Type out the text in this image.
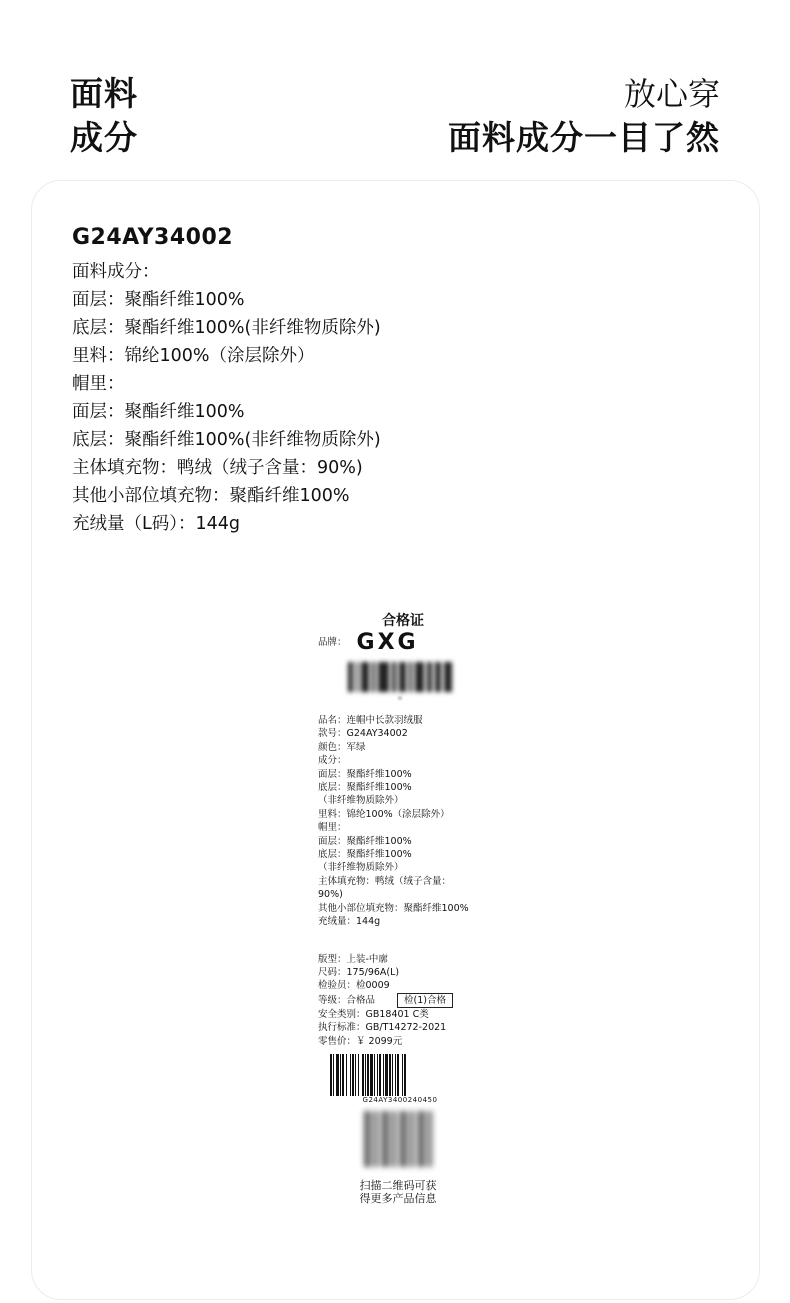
面料
成分
放心穿
面料成分一目了然
G24AY34002
面料成分：
面层：聚酯纤维100%
底层：聚酯纤维100%(非纤维物质除外)
里料：锦纶100%（涂层除外）
帽里：
面层：聚酯纤维100%
底层：聚酯纤维100%(非纤维物质除外)
主体填充物：鸭绒（绒子含量：90%)
其他小部位填充物：聚酯纤维100%
充绒量（L码）：144g
合格证
品牌： GXG
品名：连帽中长款羽绒服
款号：G24AY34002
颜色：军绿
成分：
面层：聚酯纤维100%
底层：聚酯纤维100%
（非纤维物质除外）
里料：锦纶100%（涂层除外）
帽里：
面层：聚酯纤维100%
底层：聚酯纤维100%
（非纤维物质除外）
主体填充物：鸭绒（绒子含量：
90%)
其他小部位填充物：聚酯纤维100%
充绒量：144g
版型：上装-中廓
尺码：175/96A(L)
检验员：检0009
等级：合格品	检(1)合格
安全类别：GB18401 C类
执行标准：GB/T14272-2021
零售价：￥ 2099元
G24AY3400240450
扫描二维码可获
得更多产品信息
